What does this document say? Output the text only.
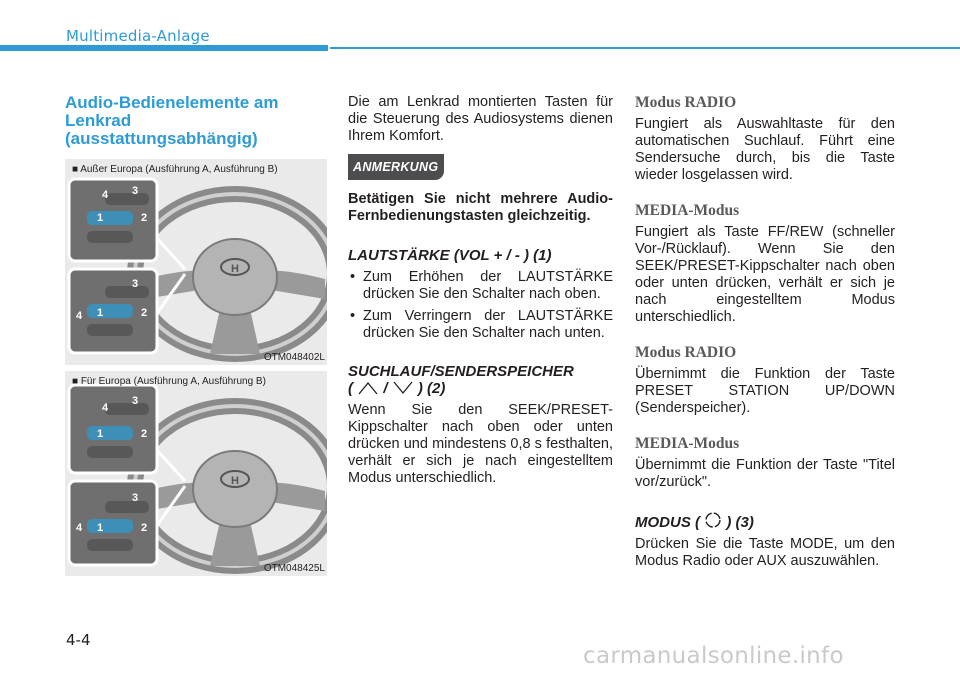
Multimedia-Anlage
Audio-Bedienelemente am Lenkrad (ausstattungsabhängig)
H
1	2
3
4
1	2
3
4
■ Außer Europa (Ausführung A, Ausführung B)
OTM048402L
H
1	2
3
4
1	2
3
4
■ Für Europa (Ausführung A, Ausführung B)
OTM048425L

Die am Lenkrad montierten Tasten für die Steuerung des Audiosystems dienen Ihrem Komfort.

ANMERKUNG

Betätigen Sie nicht mehrere Audio- Fernbedienungstasten gleichzeitig.

LAUTSTÄRKE (VOL + / - ) (1)

• Zum Erhöhen der LAUTSTÄRKE drücken Sie den Schalter nach oben.
• Zum Verringern der LAUTSTÄRKE drücken Sie den Schalter nach unten.

SUCHLAUF/SENDERSPEICHER
( / ) (2)

Wenn Sie den SEEK/PRESET-Kippschalter nach oben oder unten drücken und mindestens 0,8 s festhalten, verhält er sich je nach eingestelltem Modus unterschiedlich.

Modus RADIO

Fungiert als Auswahltaste für den automatischen Suchlauf. Führt eine Sendersuche durch, bis die Taste wieder losgelassen wird.

MEDIA-Modus

Fungiert als Taste FF/REW (schneller Vor-/Rücklauf). Wenn Sie den SEEK/PRESET-Kippschalter nach oben oder unten drücken, verhält er sich je nach eingestelltem Modus unterschiedlich.

Modus RADIO

Übernimmt die Funktion der Taste PRESET STATION UP/DOWN (Senderspeicher).

MEDIA-Modus

Übernimmt die Funktion der Taste "Titel vor/zurück".

MODUS ( ) (3)

Drücken Sie die Taste MODE, um den Modus Radio oder AUX auszuwählen.

4-4
carmanualsonline.info
